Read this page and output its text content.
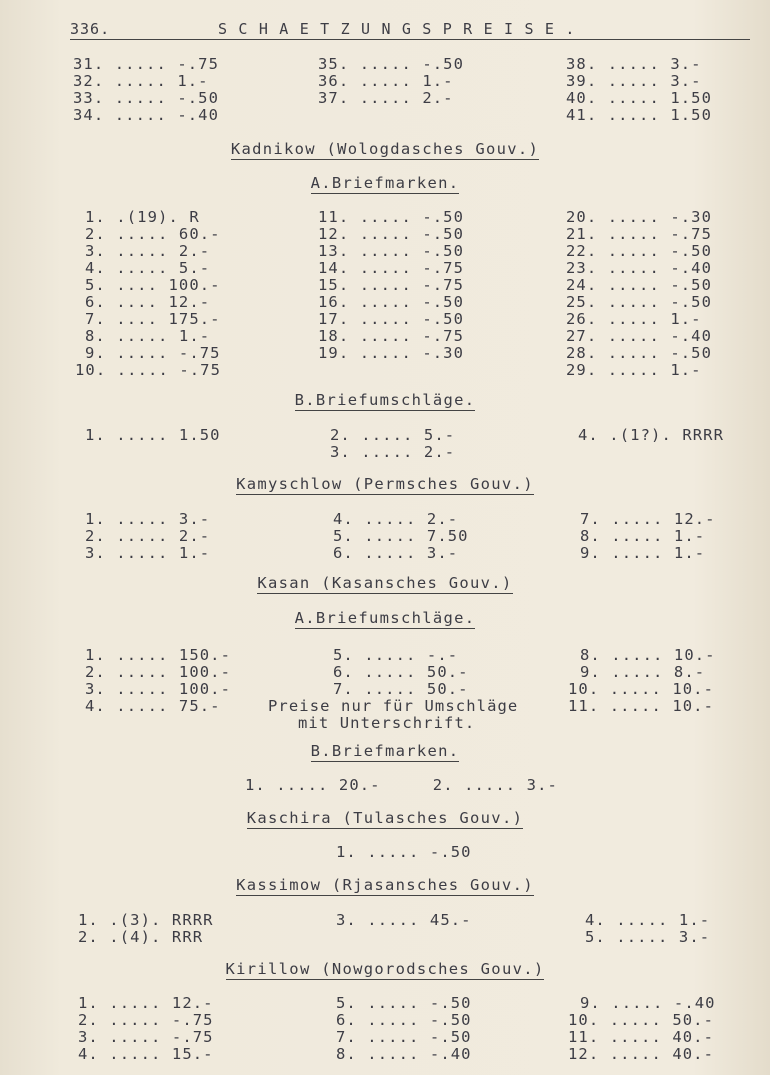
336.	SCHAETZUNGSPREISE.
31. ..... -.75
32. ..... 1.-
33. ..... -.50
34. ..... -.40
35. ..... -.50
36. ..... 1.-
37. ..... 2.-
38. ..... 3.-
39. ..... 3.-
40. ..... 1.50
41. ..... 1.50
Kadnikow (Wologdasches Gouv.)
A.Briefmarken.
1. .(19). R
2. ..... 60.-
3. ..... 2.-
4. ..... 5.-
5. .... 100.-
6. .... 12.-
7. .... 175.-
8. ..... 1.-
9. ..... -.75
10. ..... -.75
11. ..... -.50
12. ..... -.50
13. ..... -.50
14. ..... -.75
15. ..... -.75
16. ..... -.50
17. ..... -.50
18. ..... -.75
19. ..... -.30
20. ..... -.30
21. ..... -.75
22. ..... -.50
23. ..... -.40
24. ..... -.50
25. ..... -.50
26. ..... 1.-
27. ..... -.40
28. ..... -.50
29. ..... 1.-
B.Briefumschläge.
1. ..... 1.50	2. ..... 5.-
3. ..... 2.-
4. .(1?). RRRR
Kamyschlow (Permsches Gouv.)
1. ..... 3.-
2. ..... 2.-
3. ..... 1.-
4. ..... 2.-
5. ..... 7.50
6. ..... 3.-
7. ..... 12.-
8. ..... 1.-
9. ..... 1.-
Kasan (Kasansches Gouv.)
A.Briefumschläge.
1. ..... 150.-
2. ..... 100.-
3. ..... 100.-
4. ..... 75.-
5. ..... -.-
6. ..... 50.-
7. ..... 50.-
Preise nur für Umschläge
mit Unterschrift.
8. ..... 10.-
9. ..... 8.-
10. ..... 10.-
11. ..... 10.-
B.Briefmarken.
1. ..... 20.-     2. ..... 3.-
Kaschira (Tulasches Gouv.)
1. ..... -.50
Kassimow (Rjasansches Gouv.)
1. .(3). RRRR
2. .(4). RRR
3. ..... 45.-	4. ..... 1.-
5. ..... 3.-
Kirillow (Nowgorodsches Gouv.)
1. ..... 12.-
2. ..... -.75
3. ..... -.75
4. ..... 15.-
5. ..... -.50
6. ..... -.50
7. ..... -.50
8. ..... -.40
9. ..... -.40
10. ..... 50.-
11. ..... 40.-
12. ..... 40.-
